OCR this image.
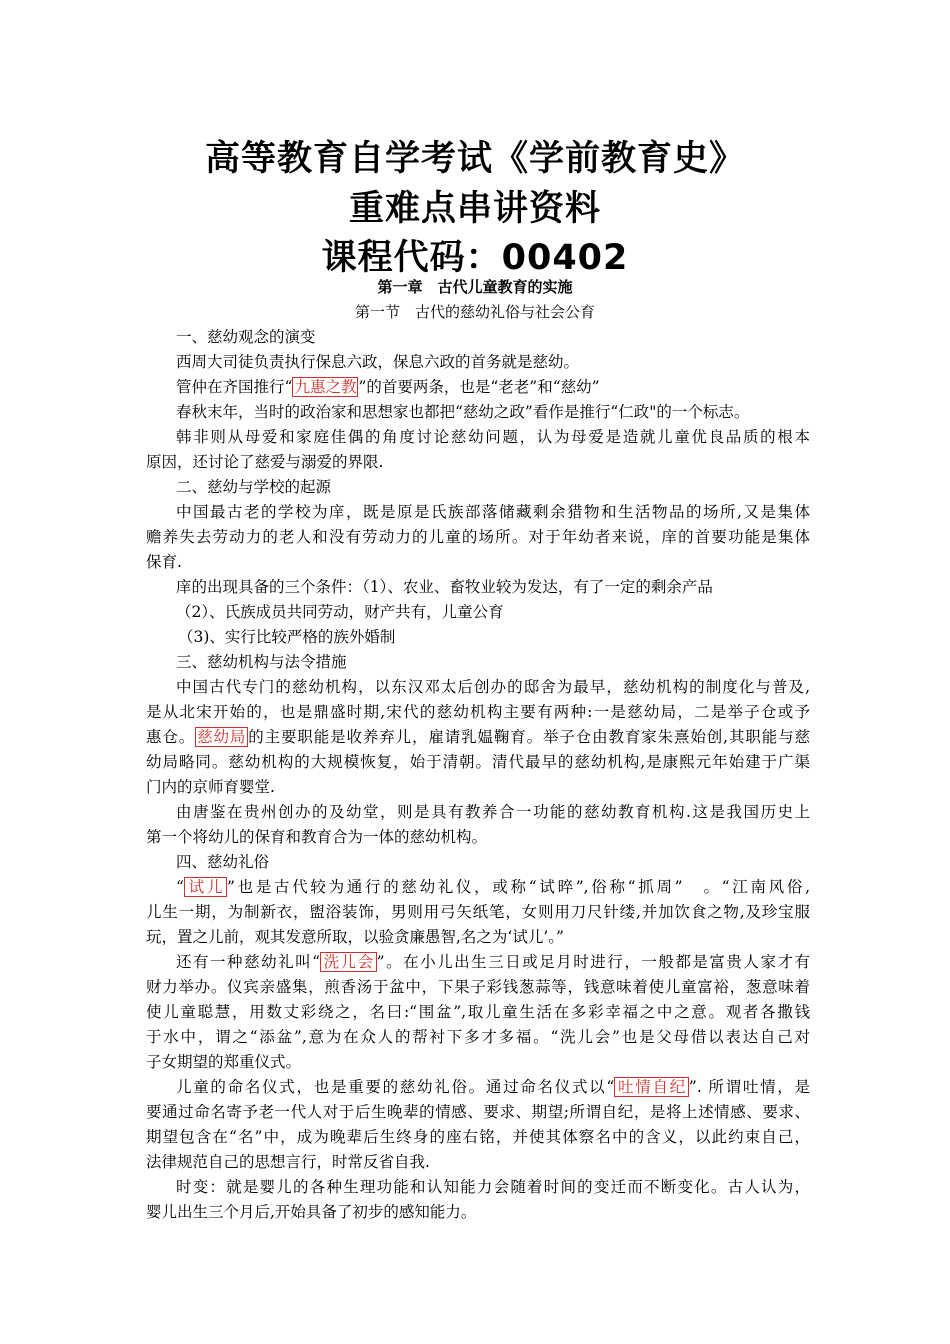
高等教育自学考试《学前教育史》
重难点串讲资料
课程代码：00402
第一章　古代儿童教育的实施
第一节　古代的慈幼礼俗与社会公育
一、慈幼观念的演变
西周大司徒负责执行保息六政，保息六政的首务就是慈幼。
管仲在齐国推行“ 九惠之教 ”的首要两条，也是“老老”和“慈幼”
春秋末年，当时的政治家和思想家也都把“慈幼之政”看作是推行“仁政"的一个标志。
韩非则从母爱和家庭佳偶的角度讨论慈幼问题，认为母爱是造就儿童优良品质的根本
原因，还讨论了慈爱与溺爱的界限.
二、慈幼与学校的起源
中国最古老的学校为庠，既是原是氏族部落储藏剩余猎物和生活物品的场所,又是集体
赡养失去劳动力的老人和没有劳动力的儿童的场所。对于年幼者来说，庠的首要功能是集体
保育.
庠的出现具备的三个条件：（1）、农业、畜牧业较为发达，有了一定的剩余产品
（2）、氏族成员共同劳动，财产共有，儿童公育
（3)、实行比较严格的族外婚制
三、慈幼机构与法令措施
中国古代专门的慈幼机构，以东汉邓太后创办的邸舍为最早，慈幼机构的制度化与普及,
是从北宋开始的，也是鼎盛时期,宋代的慈幼机构主要有两种:一是慈幼局，二是举子仓或予
惠仓。 慈幼局 的主要职能是收养弃儿，雇请乳媪鞠育。举子仓由教育家朱熹始创,其职能与慈
幼局略同。慈幼机构的大规模恢复，始于清朝。清代最早的慈幼机构,是康熙元年始建于广渠
门内的京师育婴堂.
由唐鉴在贵州创办的及幼堂，则是具有教养合一功能的慈幼教育机构.这是我国历史上
第一个将幼儿的保育和教育合为一体的慈幼机构。
四、慈幼礼俗
“ 试儿 ”也是古代较为通行的慈幼礼仪，或称“试晬”,俗称“抓周”　。“江南风俗,
儿生一期，为制新衣，盥浴装饰，男则用弓矢纸笔，女则用刀尺针缕,并加饮食之物,及珍宝服
玩，置之儿前，观其发意所取，以验贪廉愚智,名之为‘试儿’。”
还有一种慈幼礼叫“ 洗儿会 ”。在小儿出生三日或足月时进行，一般都是富贵人家才有
财力举办。仪宾亲盛集，煎香汤于盆中，下果子彩钱葱蒜等，钱意味着使儿童富裕，葱意味着
使儿童聪慧，用数丈彩绕之，名曰:“围盆”,取儿童生活在多彩幸福之中之意。观者各撒钱
于水中，谓之“添盆”,意为在众人的帮衬下多才多福。“洗儿会”也是父母借以表达自己对
子女期望的郑重仪式。
儿童的命名仪式，也是重要的慈幼礼俗。通过命名仪式以“ 吐情自纪 ”. 所谓吐情，是
要通过命名寄予老一代人对于后生晚辈的情感、要求、期望;所谓自纪，是将上述情感、要求、
期望包含在“名”中，成为晚辈后生终身的座右铭，并使其体察名中的含义，以此约束自己，
法律规范自己的思想言行，时常反省自我.
时变：就是婴儿的各种生理功能和认知能力会随着时间的变迁而不断变化。古人认为，
婴儿出生三个月后,开始具备了初步的感知能力。
